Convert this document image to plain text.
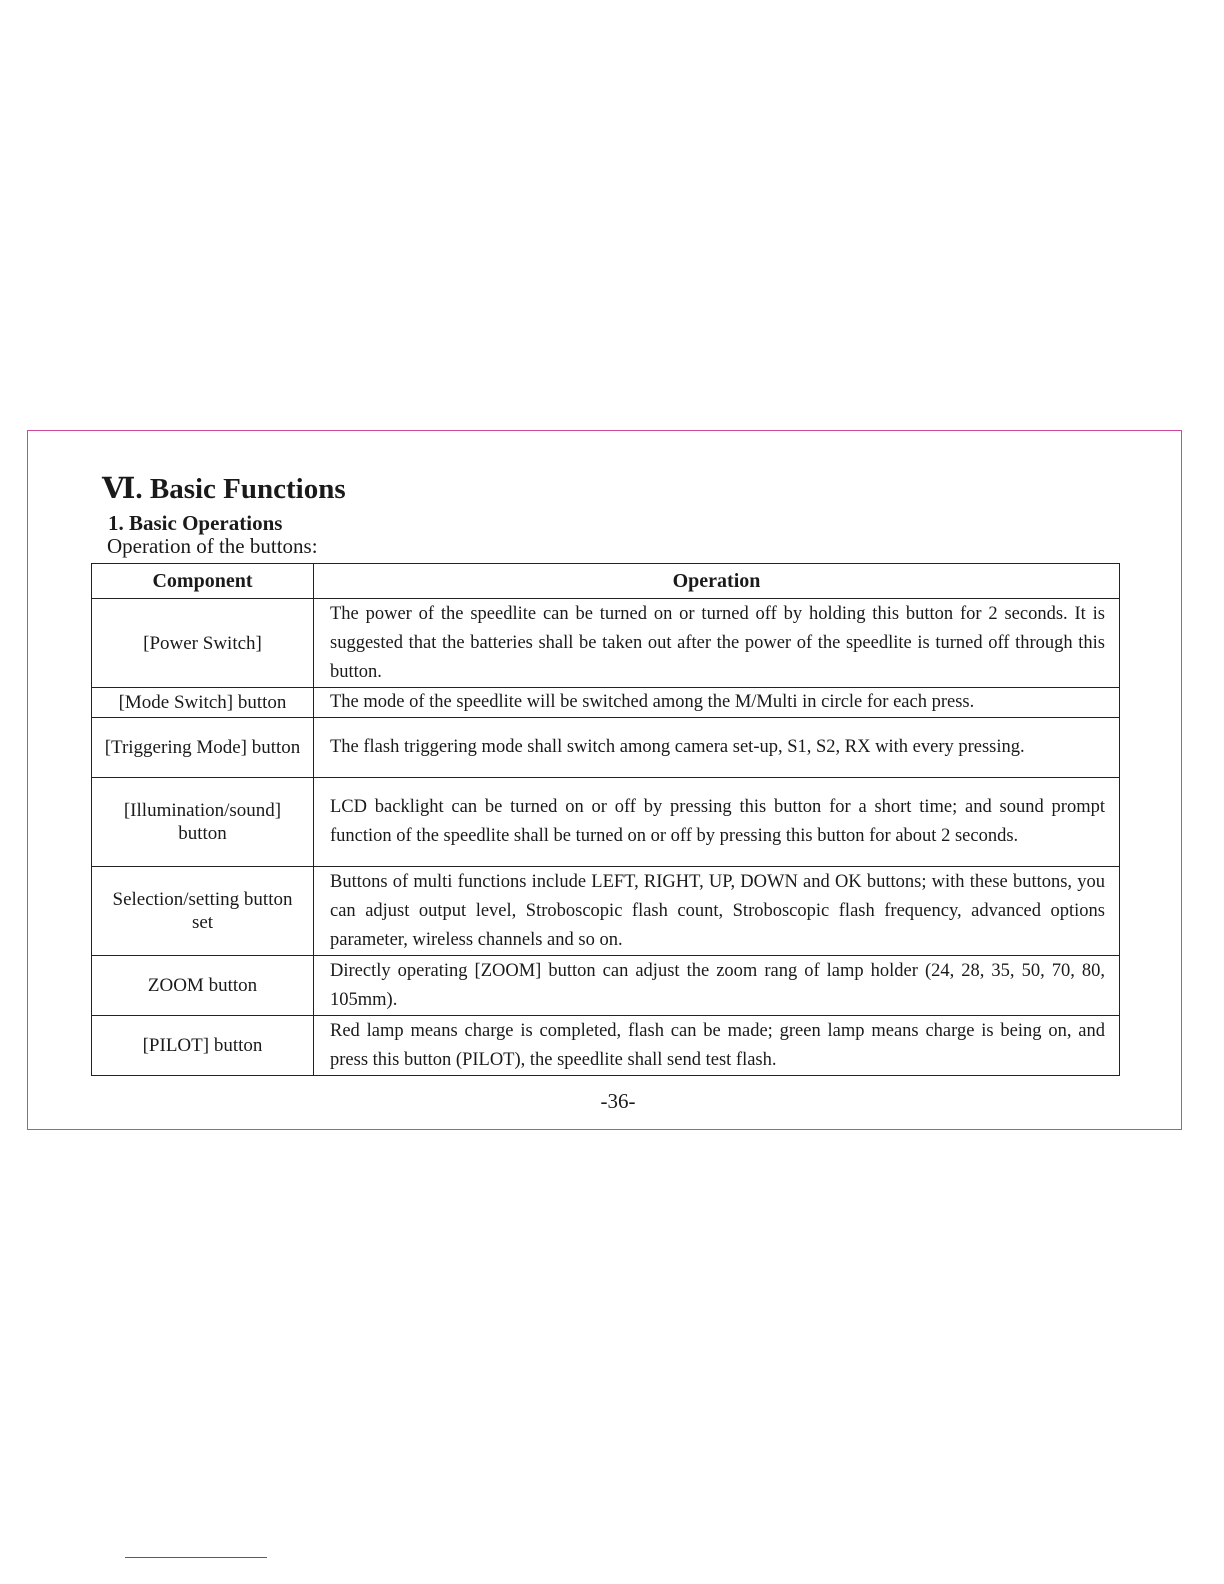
Ⅵ. Basic Functions
1. Basic Operations

Operation of the buttons:

Component	Operation
[Power Switch]	The power of the speedlite can be turned on or turned off by holding this button for 2 seconds. It is suggested that the batteries shall be taken out after the power of the speedlite is turned off through this button.
[Mode Switch] button	The mode of the speedlite will be switched among the M/Multi in circle for each press.
[Triggering Mode] button	The flash triggering mode shall switch among camera set-up, S1, S2, RX with every pressing.
[Illumination/sound] button	LCD backlight can be turned on or off by pressing this button for a short time; and sound prompt function of the speedlite shall be turned on or off by pressing this button for about 2 seconds.
Selection/setting button set	Buttons of multi functions include LEFT, RIGHT, UP, DOWN and OK buttons; with these buttons, you can adjust output level, Stroboscopic flash count, Stroboscopic flash frequency, advanced options parameter, wireless channels and so on.
ZOOM button	Directly operating [ZOOM] button can adjust the zoom rang of lamp holder (24, 28, 35, 50, 70, 80, 105mm).
[PILOT] button	Red lamp means charge is completed, flash can be made; green lamp means charge is being on, and press this button (PILOT), the speedlite shall send test flash.

-36-
